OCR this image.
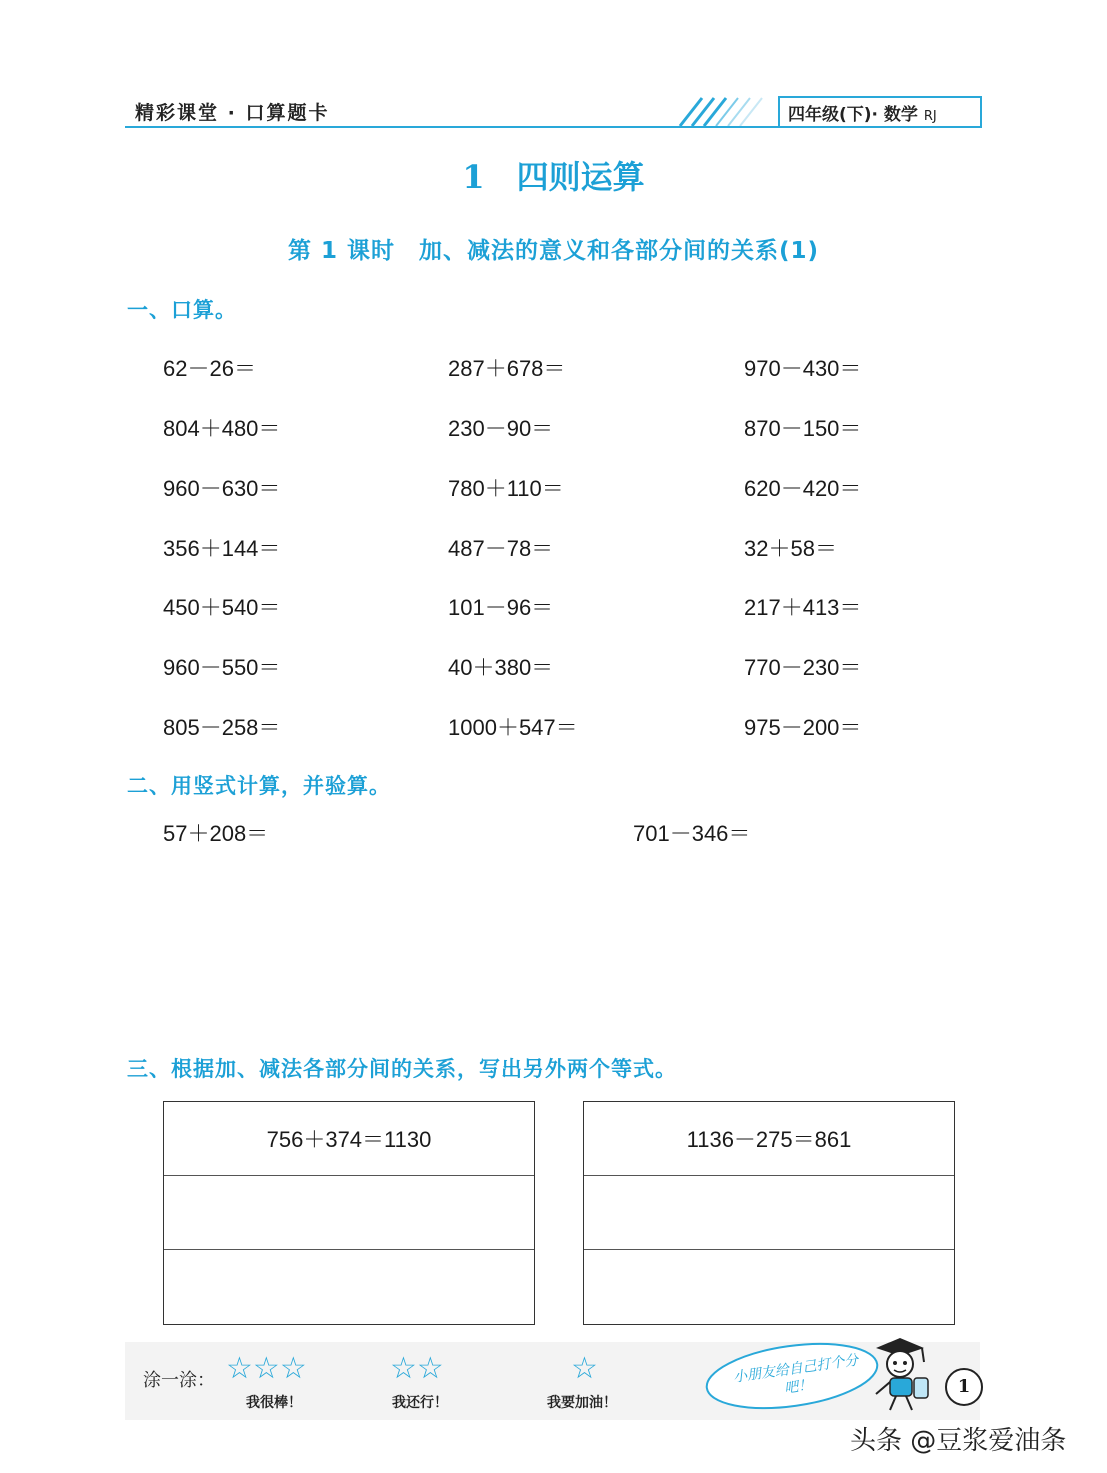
精彩课堂 · 口算题卡	四年级(下)· 数学 RJ
1　四则运算
第 1 课时　加、减法的意义和各部分间的关系(1)
一、口算。
62－26＝	287＋678＝	970－430＝
804＋480＝	230－90＝	870－150＝
960－630＝	780＋110＝	620－420＝
356＋144＝	487－78＝	32＋58＝
450＋540＝	101－96＝	217＋413＝
960－550＝	40＋380＝	770－230＝
805－258＝	1000＋547＝	975－200＝
二、用竖式计算，并验算。
57＋208＝	701－346＝
三、根据加、减法各部分间的关系，写出另外两个等式。
756＋374＝1130	1136－275＝861
涂一涂： ☆☆☆
我很棒！
☆☆
我还行！
☆
我要加油！
小朋友给自己打个分吧！	1
头条 @豆浆爱油条
